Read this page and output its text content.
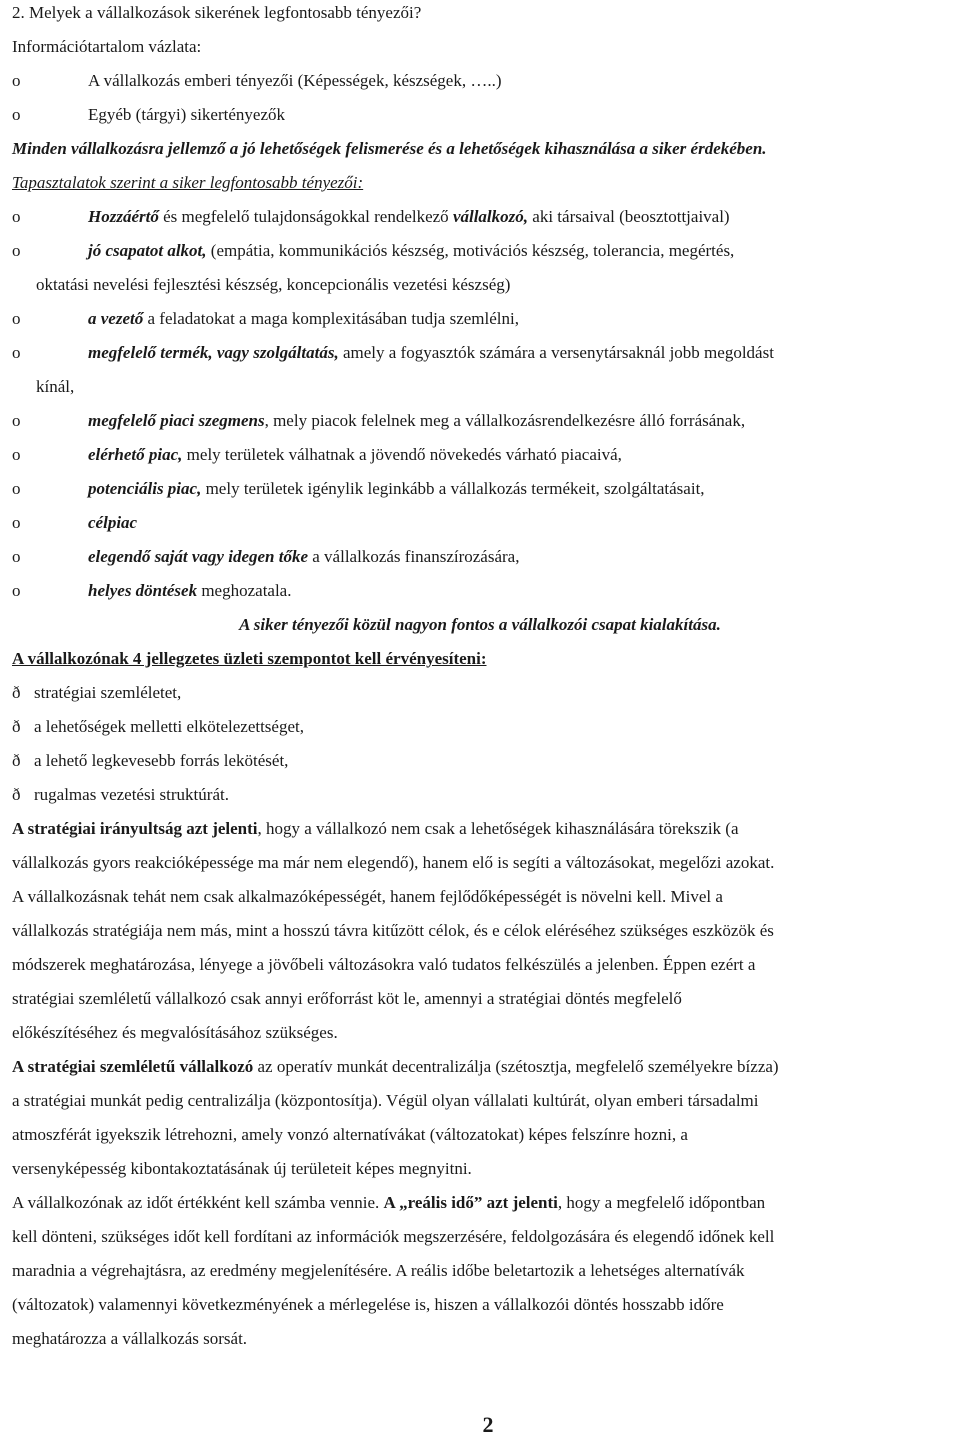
2. Melyek a vállalkozások sikerének legfontosabb tényezői?
Információtartalom vázlata:
o	A vállalkozás emberi tényezői (Képességek, készségek, …..)
o	Egyéb (tárgyi) sikertényezők
Minden vállalkozásra jellemző a jó lehetőségek felismerése és a lehetőségek kihasználása a siker érdekében.
Tapasztalatok szerint a siker legfontosabb tényezői:
o	Hozzáértő és megfelelő tulajdonságokkal rendelkező vállalkozó, aki társaival (beosztottjaival)
o	jó csapatot alkot, (empátia, kommunikációs készség, motivációs készség, tolerancia, megértés,
oktatási nevelési fejlesztési készség, koncepcionális vezetési készség)
o	a vezető a feladatokat a maga komplexitásában tudja szemlélni,
o	megfelelő termék, vagy szolgáltatás, amely a fogyasztók számára a versenytársaknál jobb megoldást
kínál,
o	megfelelő piaci szegmens, mely piacok felelnek meg a vállalkozásrendelkezésre álló forrásának,
o	elérhető piac, mely területek válhatnak a jövendő növekedés várható piacaivá,
o	potenciális piac, mely területek igénylik leginkább a vállalkozás termékeit, szolgáltatásait,
o	célpiac
o	elegendő saját vagy idegen tőke a vállalkozás finanszírozására,
o	helyes döntések meghozatala.
A siker tényezői közül nagyon fontos a vállalkozói csapat kialakítása.
A vállalkozónak 4 jellegzetes üzleti szempontot kell érvényesíteni:
ð stratégiai szemléletet,
ð a lehetőségek melletti elkötelezettséget,
ð a lehető legkevesebb forrás lekötését,
ð rugalmas vezetési struktúrát.
A stratégiai irányultság azt jelenti, hogy a vállalkozó nem csak a lehetőségek kihasználására törekszik (a
vállalkozás gyors reakcióképessége ma már nem elegendő), hanem elő is segíti a változásokat, megelőzi azokat.
A vállalkozásnak tehát nem csak alkalmazóképességét, hanem fejlődőképességét is növelni kell. Mivel a
vállalkozás stratégiája nem más, mint a hosszú távra kitűzött célok, és e célok eléréséhez szükséges eszközök és
módszerek meghatározása, lényege a jövőbeli változásokra való tudatos felkészülés a jelenben. Éppen ezért a
stratégiai szemléletű vállalkozó csak annyi erőforrást köt le, amennyi a stratégiai döntés megfelelő
előkészítéséhez és megvalósításához szükséges.
A stratégiai szemléletű vállalkozó az operatív munkát decentralizálja (szétosztja, megfelelő személyekre bízza)
a stratégiai munkát pedig centralizálja (központosítja). Végül olyan vállalati kultúrát, olyan emberi társadalmi
atmoszférát igyekszik létrehozni, amely vonzó alternatívákat (változatokat) képes felszínre hozni, a
versenyképesség kibontakoztatásának új területeit képes megnyitni.
A vállalkozónak az időt értékként kell számba vennie. A „reális idő” azt jelenti, hogy a megfelelő időpontban
kell dönteni, szükséges időt kell fordítani az információk megszerzésére, feldolgozására és elegendő időnek kell
maradnia a végrehajtásra, az eredmény megjelenítésére. A reális időbe beletartozik a lehetséges alternatívák
(változatok) valamennyi következményének a mérlegelése is, hiszen a vállalkozói döntés hosszabb időre
meghatározza a vállalkozás sorsát.
2
